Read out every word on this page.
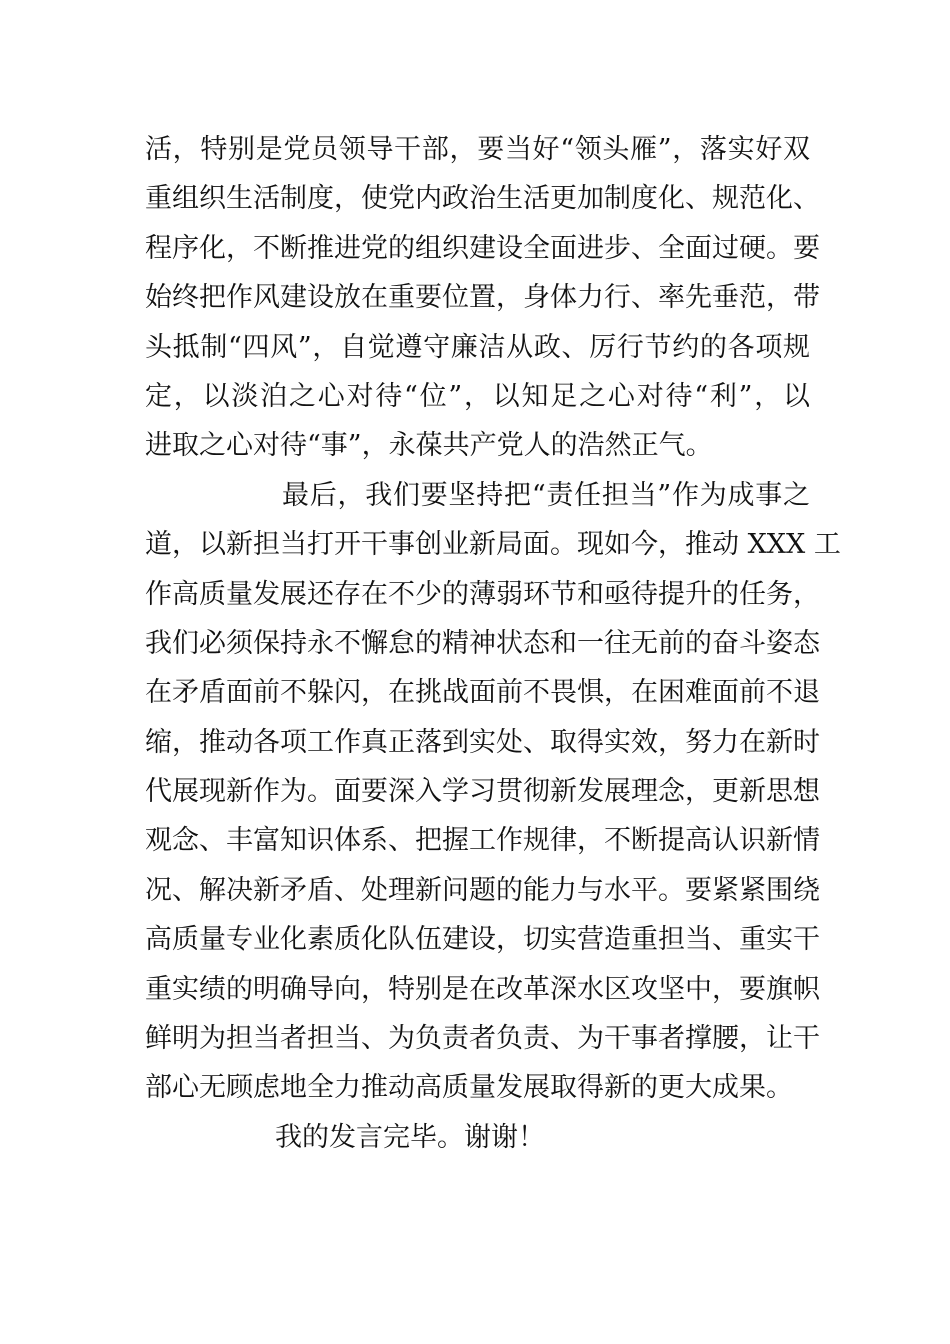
活，特别是党员领导干部，要当好“领头雁”，落实好双
重组织生活制度，使党内政治生活更加制度化、规范化、
程序化，不断推进党的组织建设全面进步、全面过硬。要
始终把作风建设放在重要位置，身体力行、率先垂范，带
头抵制“四风”，自觉遵守廉洁从政、厉行节约的各项规
定，以淡泊之心对待“位”，以知足之心对待“利”，以
进取之心对待“事”，永葆共产党人的浩然正气。
最后，我们要坚持把“责任担当”作为成事之
道，以新担当打开干事创业新局面。现如今，推动 XXX 工
作高质量发展还存在不少的薄弱环节和亟待提升的任务，
我们必须保持永不懈怠的精神状态和一往无前的奋斗姿态
在矛盾面前不躲闪，在挑战面前不畏惧，在困难面前不退
缩，推动各项工作真正落到实处、取得实效，努力在新时
代展现新作为。面要深入学习贯彻新发展理念，更新思想
观念、丰富知识体系、把握工作规律，不断提高认识新情
况、解决新矛盾、处理新问题的能力与水平。要紧紧围绕
高质量专业化素质化队伍建设，切实营造重担当、重实干
重实绩的明确导向，特别是在改革深水区攻坚中，要旗帜
鲜明为担当者担当、为负责者负责、为干事者撑腰，让干
部心无顾虑地全力推动高质量发展取得新的更大成果。
我的发言完毕。谢谢！
